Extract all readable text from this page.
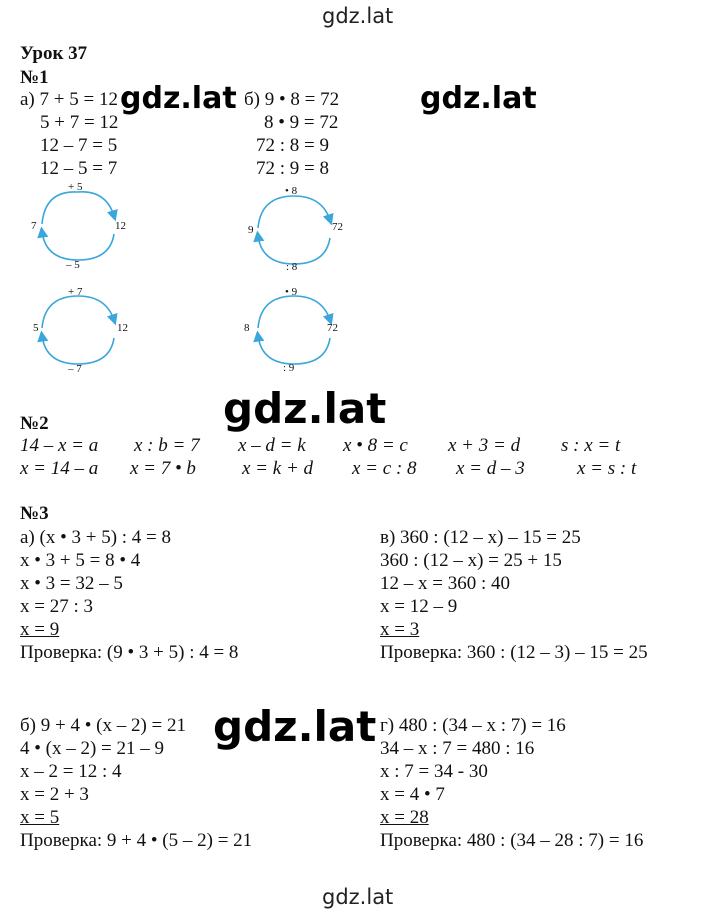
gdz.lat
gdz.lat
Урок 37
№1
а) 7 + 5 = 12
5 + 7 = 12
12 – 7 = 5
12 – 5 = 7
б) 9 • 8 = 72
8 • 9 = 72
72 : 8 = 9
72 : 9 = 8
gdz.lat	gdz.lat
+ 5
7	12
– 5
+ 7
5	12
– 7
• 8
9	72
: 8
• 9
8	72
: 9
gdz.lat
№2
14 – x = a x : b = 7 x – d = k x • 8 = c x + 3 = d s : x = t
x = 14 – a x = 7 • b x = k + d x = c : 8 x = d – 3	x = s : t
№3
а) (x • 3 + 5) : 4 = 8
x • 3 + 5 = 8 • 4
x • 3 = 32 – 5
x = 27 : 3
x = 9
Проверка: (9 • 3 + 5) : 4 = 8
в) 360 : (12 – x) – 15 = 25
360 : (12 – x) = 25 + 15
12 – x = 360 : 40
x = 12 – 9
x = 3
Проверка: 360 : (12 – 3) – 15 = 25
б) 9 + 4 • (x – 2) = 21
4 • (x – 2) = 21 – 9
x – 2 = 12 : 4
x = 2 + 3
x = 5
Проверка: 9 + 4 • (5 – 2) = 21
г) 480 : (34 – x : 7) = 16
34 – x : 7 = 480 : 16
x : 7 = 34 - 30
x = 4 • 7
x = 28
Проверка: 480 : (34 – 28 : 7) = 16
gdz.lat
